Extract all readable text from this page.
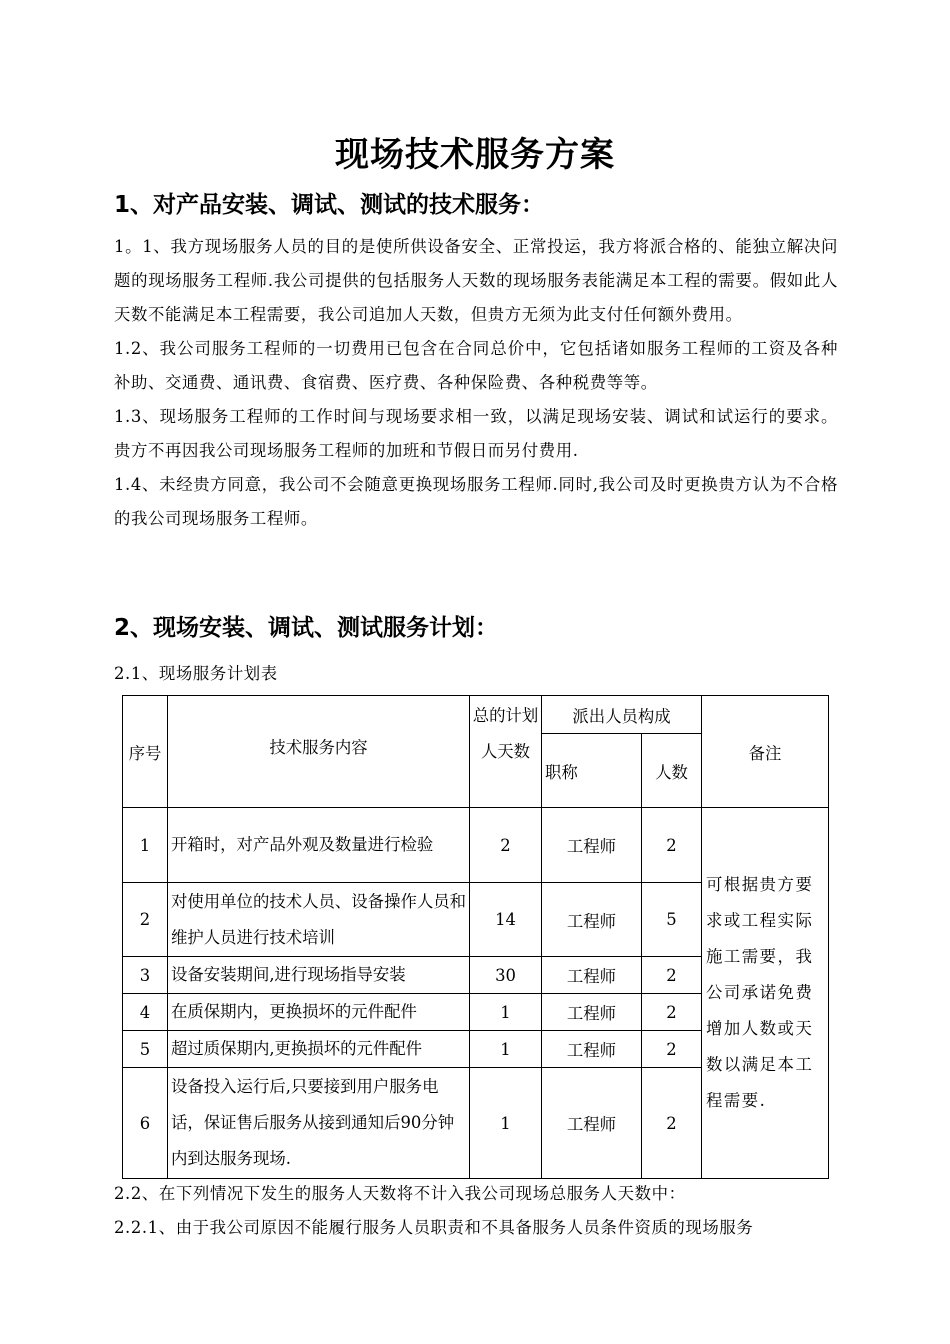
现场技术服务方案
1、对产品安装、调试、测试的技术服务：

1。1、我方现场服务人员的目的是使所供设备安全、正常投运，我方将派合格的、能独立解决问题的现场服务工程师.我公司提供的包括服务人天数的现场服务表能满足本工程的需要。假如此人天数不能满足本工程需要，我公司追加人天数，但贵方无须为此支付任何额外费用。

1.2、我公司服务工程师的一切费用已包含在合同总价中，它包括诸如服务工程师的工资及各种补助、交通费、通讯费、食宿费、医疗费、各种保险费、各种税费等等。

1.3、现场服务工程师的工作时间与现场要求相一致，以满足现场安装、调试和试运行的要求。贵方不再因我公司现场服务工程师的加班和节假日而另付费用.

1.4、未经贵方同意，我公司不会随意更换现场服务工程师.同时,我公司及时更换贵方认为不合格的我公司现场服务工程师。

2、现场安装、调试、测试服务计划：
2.1、现场服务计划表
序号	技术服务内容	总的计划人天数	派出人员构成		备注
			职称	人数	

1	开箱时，对产品外观及数量进行检验	2	工程师	2	可根据贵方要求或工程实际施工需要，我公司承诺免费增加人数或天数以满足本工程需要.
2	对使用单位的技术人员、设备操作人员和维护人员进行技术培训	14	工程师	5	
3	设备安装期间,进行现场指导安装	30	工程师	2	
4	在质保期内，更换损坏的元件配件	1	工程师	2	
5	超过质保期内,更换损坏的元件配件	1	工程师	2	
6	设备投入运行后,只要接到用户服务电话，保证售后服务从接到通知后90分钟内到达服务现场.	1	工程师	2	

2.2、在下列情况下发生的服务人天数将不计入我公司现场总服务人天数中：

2.2.1、由于我公司原因不能履行服务人员职责和不具备服务人员条件资质的现场服务
